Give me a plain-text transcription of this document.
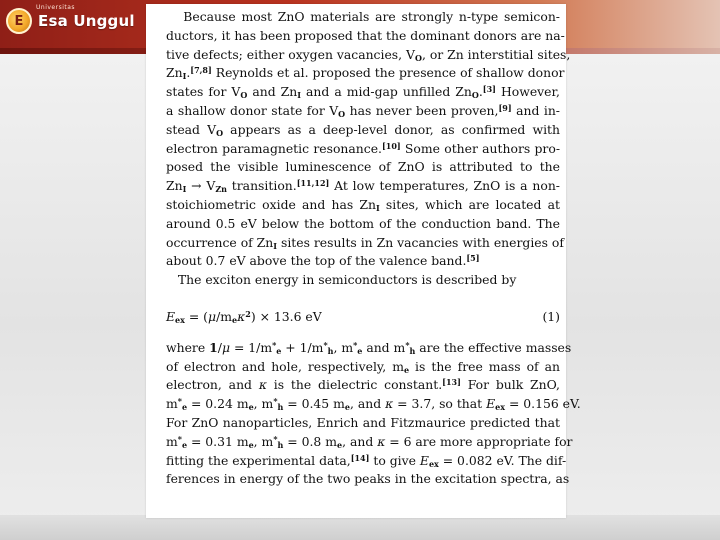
E Esa Unggul
Universitas
Because most ZnO materials are strongly n-type semicon-
ductors, it has been proposed that the dominant donors are na-
tive defects; either oxygen vacancies, $V_O$, or Zn interstitial sites,
$Zn_I.[7,8]$ Reynolds et al. proposed the presence of shallow donor
states for $V_O$ and $Zn_I$ and a mid-gap unfilled $Zn_O.[3]$ However,
a shallow donor state for $V_O$ has never been proven,[9] and in-
stead $V_O$ appears as a deep-level donor, as confirmed with
electron paramagnetic resonance.[10] Some other authors pro-
posed the visible luminescence of ZnO is attributed to the
$Zn_I \to V_{Zn}$ transition.[11,12] At low temperatures, ZnO is a non-
stoichiometric oxide and has $Zn_I$ sites, which are located at
around 0.5 eV below the bottom of the conduction band. The
occurrence of $Zn_I$ sites results in Zn vacancies with energies of
about 0.7 eV above the top of the valence band.[5]
The exciton energy in semiconductors is described by
$E_{ex} = (\mu/m_e\kappa^2) \times 13.6$ eV	(1)
where $1/\mu = 1/m^*_e + 1/m^*_h$, $m^*_e$ and $m^*_h$ are the effective masses
of electron and hole, respectively, $m_e$ is the free mass of an
electron, and κ is the dielectric constant.[13] For bulk ZnO,
$m^*_e = 0.24$ $m_e$, $m^*_h = 0.45$ $m_e$, and κ = 3.7, so that $E_{ex} = 0.156$ eV.
For ZnO nanoparticles, Enrich and Fitzmaurice predicted that
$m^*_e = 0.31$ $m_e$, $m^*_h = 0.8$ $m_e$, and κ = 6 are more appropriate for
fitting the experimental data,[14] to give $E_{ex} = 0.082$ eV. The dif-
ferences in energy of the two peaks in the excitation spectra, as
